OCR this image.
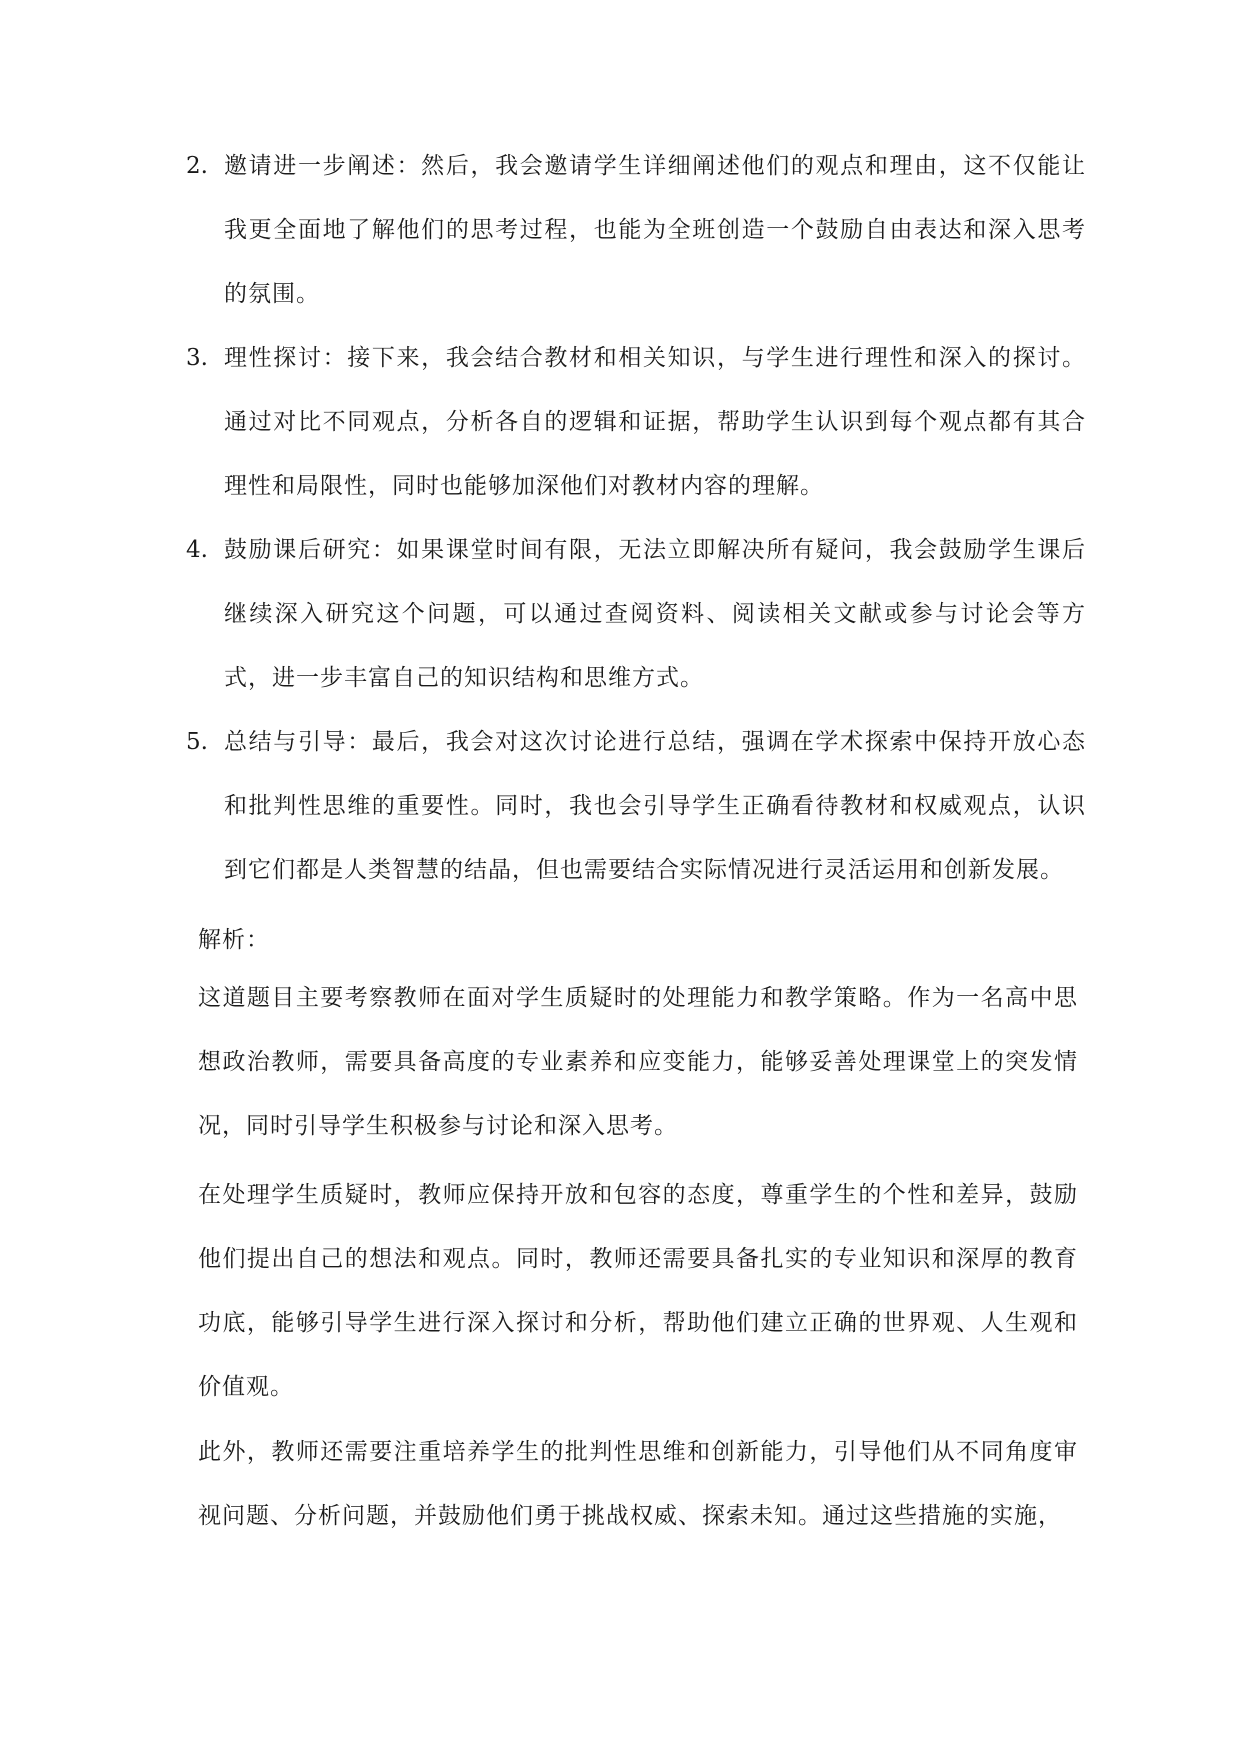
2. 邀请进一步阐述：然后，我会邀请学生详细阐述他们的观点和理由，这不仅能让我更全面地了解他们的思考过程，也能为全班创造一个鼓励自由表达和深入思考的氛围。
3. 理性探讨：接下来，我会结合教材和相关知识，与学生进行理性和深入的探讨。通过对比不同观点，分析各自的逻辑和证据，帮助学生认识到每个观点都有其合理性和局限性，同时也能够加深他们对教材内容的理解。
4. 鼓励课后研究：如果课堂时间有限，无法立即解决所有疑问，我会鼓励学生课后继续深入研究这个问题，可以通过查阅资料、阅读相关文献或参与讨论会等方式，进一步丰富自己的知识结构和思维方式。
5. 总结与引导：最后，我会对这次讨论进行总结，强调在学术探索中保持开放心态和批判性思维的重要性。同时，我也会引导学生正确看待教材和权威观点，认识到它们都是人类智慧的结晶，但也需要结合实际情况进行灵活运用和创新发展。
解析：
这道题目主要考察教师在面对学生质疑时的处理能力和教学策略。作为一名高中思想政治教师，需要具备高度的专业素养和应变能力，能够妥善处理课堂上的突发情况，同时引导学生积极参与讨论和深入思考。
在处理学生质疑时，教师应保持开放和包容的态度，尊重学生的个性和差异，鼓励他们提出自己的想法和观点。同时，教师还需要具备扎实的专业知识和深厚的教育功底，能够引导学生进行深入探讨和分析，帮助他们建立正确的世界观、人生观和价值观。
此外，教师还需要注重培养学生的批判性思维和创新能力，引导他们从不同角度审视问题、分析问题，并鼓励他们勇于挑战权威、探索未知。通过这些措施的实施，
